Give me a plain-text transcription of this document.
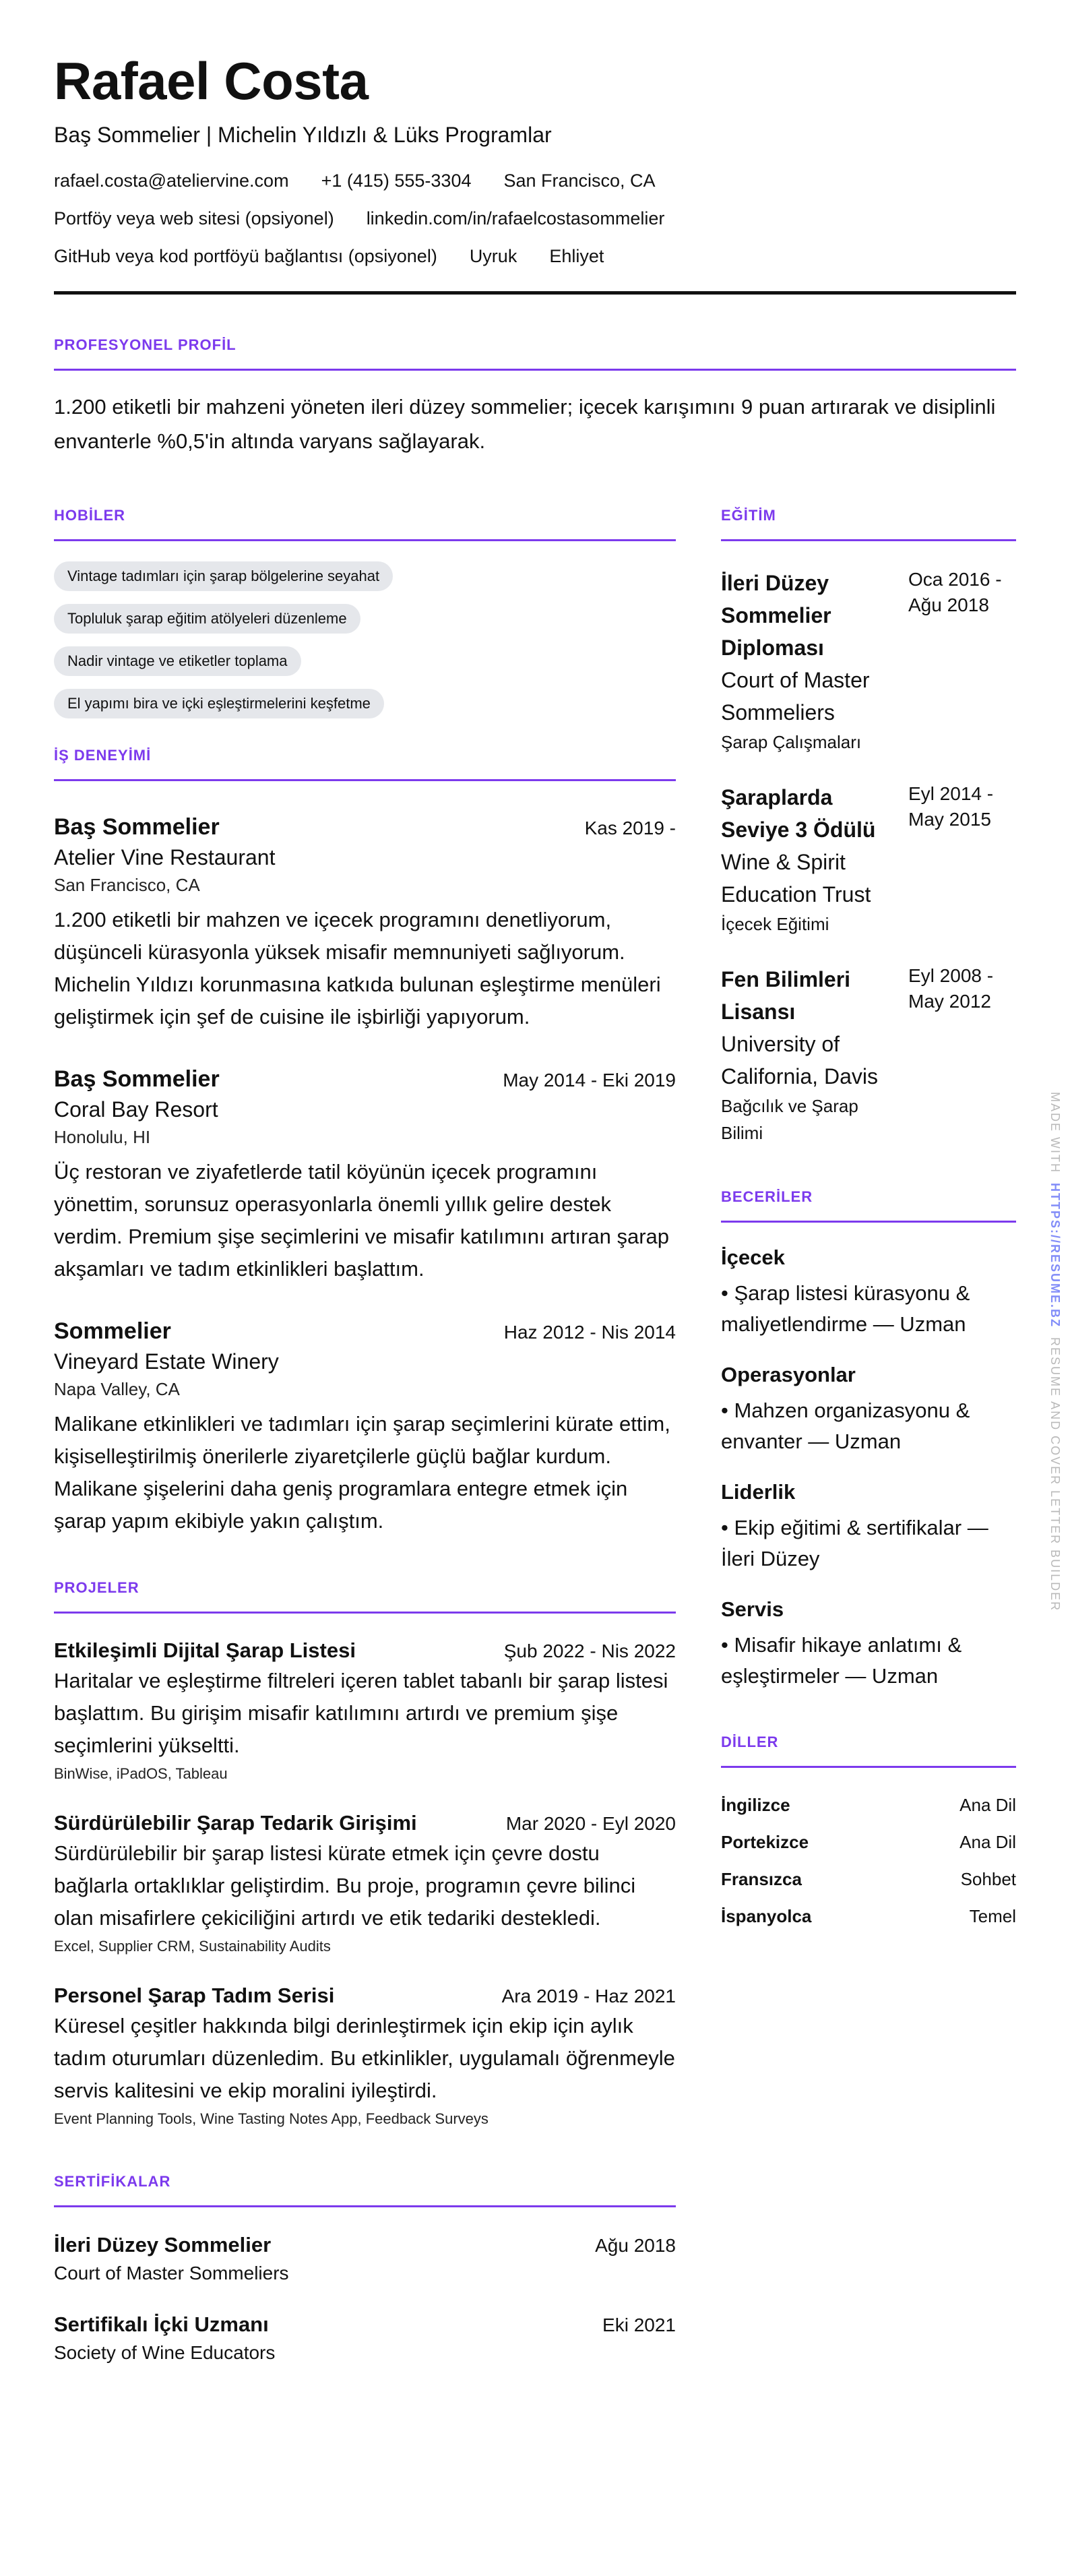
Rafael Costa
Baş Sommelier | Michelin Yıldızlı & Lüks Programlar
rafael.costa@ateliervine.com +1 (415) 555-3304 San Francisco, CA
Portföy veya web sitesi (opsiyonel) linkedin.com/in/rafaelcostasommelier
GitHub veya kod portföyü bağlantısı (opsiyonel) Uyruk Ehliyet
PROFESYONEL PROFİL
1.200 etiketli bir mahzeni yöneten ileri düzey sommelier; içecek karışımını 9 puan artırarak ve disiplinli envanterle %0,5'in altında varyans sağlayarak.
HOBİLER
Vintage tadımları için şarap bölgelerine seyahat
Topluluk şarap eğitim atölyeleri düzenleme
Nadir vintage ve etiketler toplama
El yapımı bira ve içki eşleştirmelerini keşfetme
İŞ DENEYİMİ
Baş Sommelier	Kas 2019 -
Atelier Vine Restaurant
San Francisco, CA
1.200 etiketli bir mahzen ve içecek programını denetliyorum, düşünceli kürasyonla yüksek misafir memnuniyeti sağlıyorum. Michelin Yıldızı korunmasına katkıda bulunan eşleştirme menüleri geliştirmek için şef de cuisine ile işbirliği yapıyorum.
Baş Sommelier	May 2014 - Eki 2019
Coral Bay Resort
Honolulu, HI
Üç restoran ve ziyafetlerde tatil köyünün içecek programını yönettim, sorunsuz operasyonlarla önemli yıllık gelire destek verdim. Premium şişe seçimlerini ve misafir katılımını artıran şarap akşamları ve tadım etkinlikleri başlattım.
Sommelier	Haz 2012 - Nis 2014
Vineyard Estate Winery
Napa Valley, CA
Malikane etkinlikleri ve tadımları için şarap seçimlerini kürate ettim, kişiselleştirilmiş önerilerle ziyaretçilerle güçlü bağlar kurdum. Malikane şişelerini daha geniş programlara entegre etmek için şarap yapım ekibiyle yakın çalıştım.
PROJELER
Etkileşimli Dijital Şarap Listesi	Şub 2022 - Nis 2022
Haritalar ve eşleştirme filtreleri içeren tablet tabanlı bir şarap listesi başlattım. Bu girişim misafir katılımını artırdı ve premium şişe seçimlerini yükseltti.
BinWise, iPadOS, Tableau
Sürdürülebilir Şarap Tedarik Girişimi	Mar 2020 - Eyl 2020
Sürdürülebilir bir şarap listesi kürate etmek için çevre dostu bağlarla ortaklıklar geliştirdim. Bu proje, programın çevre bilinci olan misafirlere çekiciliğini artırdı ve etik tedariki destekledi.
Excel, Supplier CRM, Sustainability Audits
Personel Şarap Tadım Serisi	Ara 2019 - Haz 2021
Küresel çeşitler hakkında bilgi derinleştirmek için ekip için aylık tadım oturumları düzenledim. Bu etkinlikler, uygulamalı öğrenmeyle servis kalitesini ve ekip moralini iyileştirdi.
Event Planning Tools, Wine Tasting Notes App, Feedback Surveys
SERTİFİKALAR
İleri Düzey Sommelier	Ağu 2018
Court of Master Sommeliers
Sertifikalı İçki Uzmanı	Eki 2021
Society of Wine Educators
EĞİTİM
İleri Düzey Sommelier Diploması
Court of Master Sommeliers
Şarap Çalışmaları
Oca 2016 - Ağu 2018
Şaraplarda Seviye 3 Ödülü
Wine & Spirit Education Trust
İçecek Eğitimi
Eyl 2014 - May 2015
Fen Bilimleri Lisansı
University of California, Davis
Bağcılık ve Şarap Bilimi
Eyl 2008 - May 2012
BECERİLER
İçecek
• Şarap listesi kürasyonu & maliyetlendirme — Uzman
Operasyonlar
• Mahzen organizasyonu & envanter — Uzman
Liderlik
• Ekip eğitimi & sertifikalar — İleri Düzey
Servis
• Misafir hikaye anlatımı & eşleştirmeler — Uzman
DİLLER
İngilizce	Ana Dil
Portekizce	Ana Dil
Fransızca	Sohbet
İspanyolca	Temel
MADE WITH  HTTPS://RESUME.BZ  RESUME AND COVER LETTER BUILDER
